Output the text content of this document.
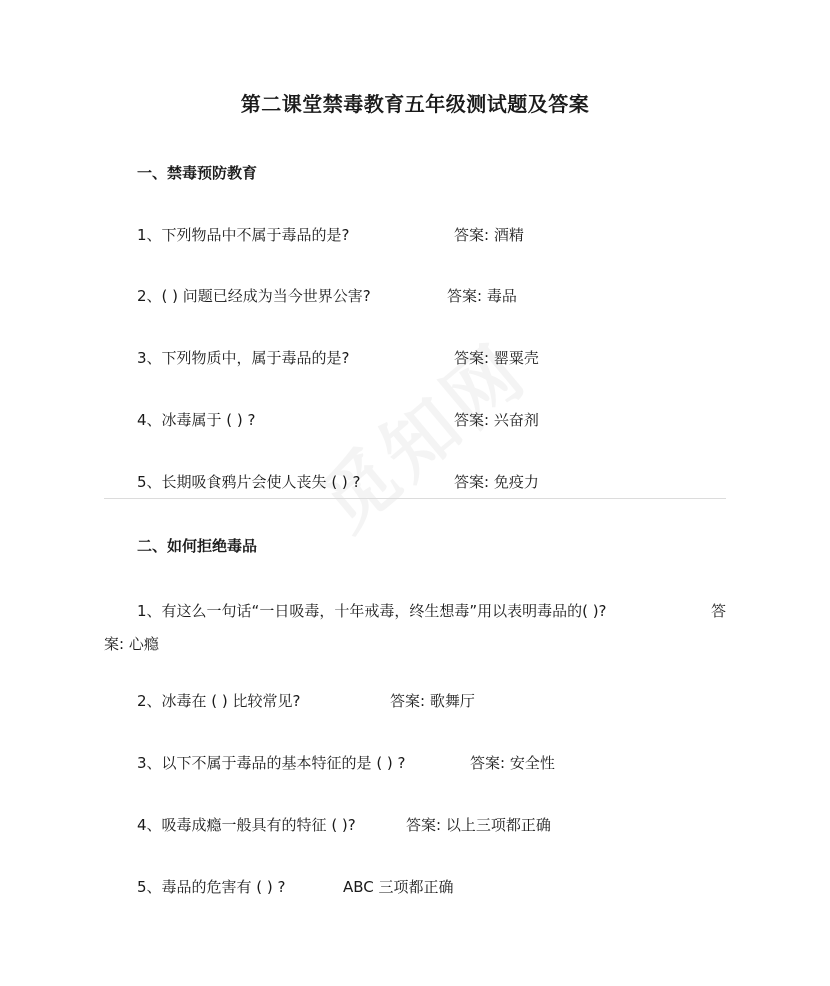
第二课堂禁毒教育五年级测试题及答案
一、禁毒预防教育
1、下列物品中不属于毒品的是?	答案: 酒精
2、( ) 问题已经成为当今世界公害?	答案: 毒品
3、下列物质中，属于毒品的是?	答案: 罂粟壳
4、冰毒属于 ( ) ?	答案: 兴奋剂
5、长期吸食鸦片会使人丧失 ( ) ?	答案: 免疫力
二、如何拒绝毒品
1、有这么一句话“一日吸毒，十年戒毒，终生想毒”用以表明毒品的( )?	答
案: 心瘾
2、冰毒在 ( ) 比较常见?	答案: 歌舞厅
3、以下不属于毒品的基本特征的是 ( ) ?	答案: 安全性
4、吸毒成瘾一般具有的特征 ( )?	答案: 以上三项都正确
5、毒品的危害有 ( ) ?	ABC 三项都正确
